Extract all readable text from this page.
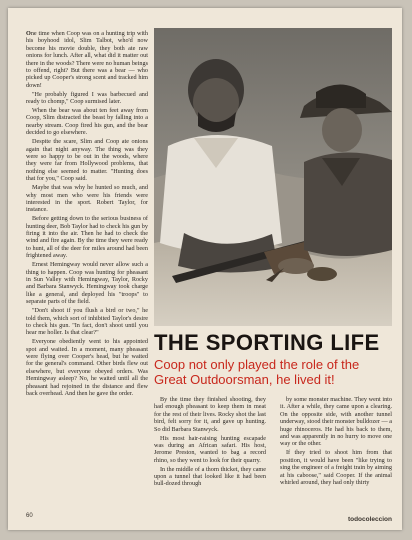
One time when Coop was on a hunting trip with his boyhood idol, Slim Talbot, who'd now become his movie double, they both ate raw onions for lunch. After all, what did it matter out there in the woods? There were no human beings to offend, right? But there was a bear — who picked up Cooper's strong scent and tracked him down!

"He probably figured I was barbecued and ready to chomp," Coop surmised later.

When the bear was about ten feet away from Coop, Slim distracted the beast by falling into a nearby stream. Coop fired his gun, and the bear decided to go elsewhere.

Despite the scare, Slim and Coop ate onions again that night anyway. The thing was they were so happy to be out in the woods, where they were far from Hollywood problems, that nothing else seemed to matter. "Hunting does that for you," Coop said.

Maybe that was why he hunted so much, and why most men who were his friends were interested in the sport. Robert Taylor, for instance.

Before getting down to the serious business of hunting deer, Bob Taylor had to check his gun by firing it into the air. Then he had to check the wind and fire again. By the time they were ready to hunt, all of the deer for miles around had been frightened away.

Ernest Hemingway would never allow such a thing to happen. Coop was hunting for pheasant in Sun Valley with Hemingway, Taylor, Rocky and Barbara Stanwyck. Hemingway took charge like a general, and deployed his "troops" to separate parts of the field.

"Don't shoot if you flush a bird or two," he told them, which sort of inhibited Taylor's desire to check his gun. "In fact, don't shoot until you hear me holler. Is that clear?"

Everyone obediently went to his appointed spot and waited. In a moment, many pheasant were flying over Cooper's head, but he waited for the general's command. Other birds flew out elsewhere, but everyone obeyed orders. Was Hemingway asleep? No, he waited until all the pheasant had rejoined in the distance and flew back overhead. And then he gave the order.

THE SPORTING LIFE
Coop not only played the role of the Great Outdoorsman, he lived it!

By the time they finished shooting, they had enough pheasant to keep them in meat for the rest of their lives. Rocky shot the last bird, felt sorry for it, and gave up hunting. So did Barbara Stanwyck.

His most hair-raising hunting escapade was during an African safari. His host, Jerome Preston, wanted to bag a record rhino, so they went to look for their quarry.

In the middle of a thorn thicket, they came upon a tunnel that looked like it had been bull-dozed through

by some monster machine. They went into it. After a while, they came upon a clearing. On the opposite side, with another tunnel underway, stood their monster bulldozer — a huge rhinoceros. He had his back to them, and was apparently in no hurry to move one way or the other.

If they tried to shoot him from that position, it would have been "like trying to sing the engineer of a freight train by aiming at his caboose," said Cooper. If the animal whirled around, they had only thirty

60	todocoleccion
